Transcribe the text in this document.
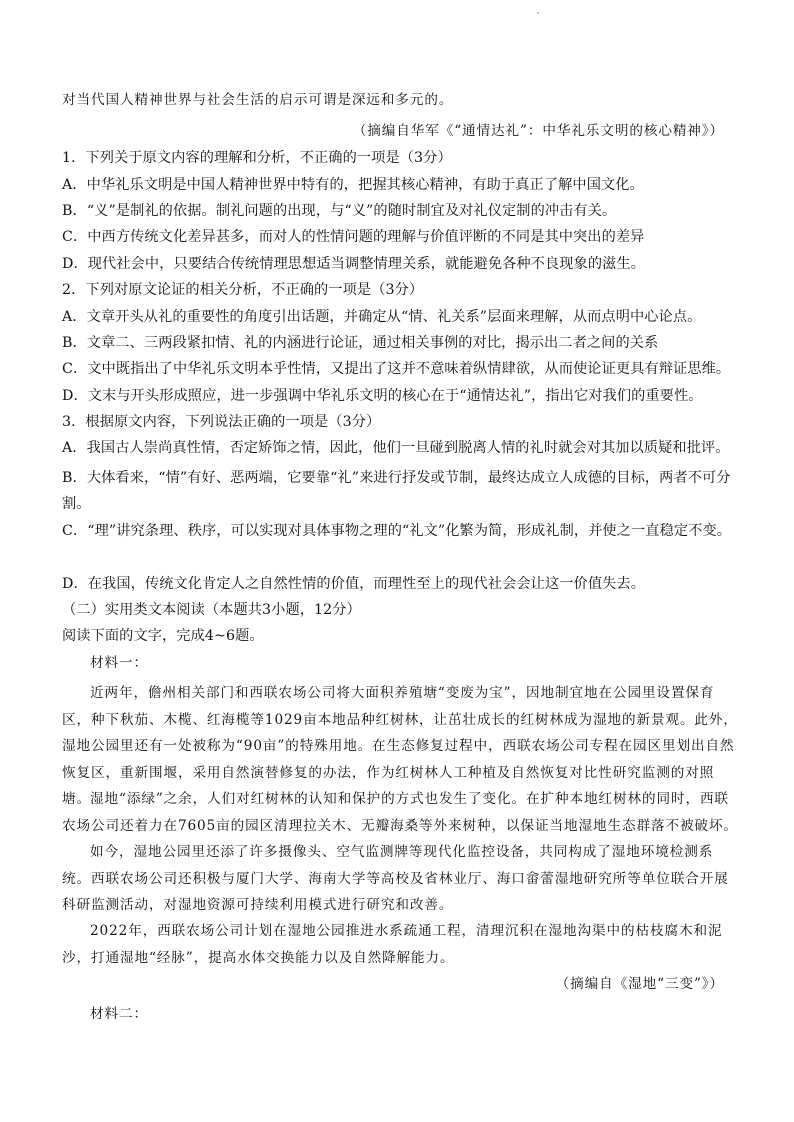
对当代国人精神世界与社会生活的启示可谓是深远和多元的。
（摘编自华军《“通情达礼”：中华礼乐文明的核心精神》）
1．下列关于原文内容的理解和分析，不正确的一项是（3分）
A．中华礼乐文明是中国人精神世界中特有的，把握其核心精神，有助于真正了解中国文化。
B．“义”是制礼的依据。制礼问题的出现，与“义”的随时制宜及对礼仪定制的冲击有关。
C．中西方传统文化差异甚多，而对人的性情问题的理解与价值评断的不同是其中突出的差异
D．现代社会中，只要结合传统情理思想适当调整情理关系，就能避免各种不良现象的滋生。
2．下列对原文论证的相关分析，不正确的一项是（3分）
A．文章开头从礼的重要性的角度引出话题，并确定从“情、礼关系”层面来理解，从而点明中心论点。
B．文章二、三两段紧扣情、礼的内涵进行论证，通过相关事例的对比，揭示出二者之间的关系
C．文中既指出了中华礼乐文明本乎性情，又提出了这并不意味着纵情肆欲，从而使论证更具有辩证思维。
D．文末与开头形成照应，进一步强调中华礼乐文明的核心在于“通情达礼”，指出它对我们的重要性。
3．根据原文内容，下列说法正确的一项是（3分）
A．我国古人崇尚真性情，否定矫饰之情，因此，他们一旦碰到脱离人情的礼时就会对其加以质疑和批评。
B．大体看来，“情”有好、恶两端，它要靠“礼”来进行抒发或节制，最终达成立人成德的目标，两者不可分割。
C．“理”讲究条理、秩序，可以实现对具体事物之理的“礼文”化繁为简，形成礼制，并使之一直稳定不变。
D．在我国，传统文化肯定人之自然性情的价值，而理性至上的现代社会会让这一价值失去。
（二）实用类文本阅读（本题共3小题，12分）
阅读下面的文字，完成4~6题。
材料一：
近两年，儋州相关部门和西联农场公司将大面积养殖塘“变废为宝”，因地制宜地在公园里设置保育区，种下秋茄、木榄、红海榄等1029亩本地品种红树林，让茁壮成长的红树林成为湿地的新景观。此外，湿地公园里还有一处被称为“90亩”的特殊用地。在生态修复过程中，西联农场公司专程在园区里划出自然恢复区，重新围堰，采用自然演替修复的办法，作为红树林人工种植及自然恢复对比性研究监测的对照塘。 湿地“添绿”之余，人们对红树林的认知和保护的方式也发生了变化。在扩种本地红树林的同时，西联农场公司还着力在7605亩的园区清理拉关木、无瓣海桑等外来树种，以保证当地湿地生态群落不被破坏。
如今，湿地公园里还添了许多摄像头、空气监测牌等现代化监控设备，共同构成了湿地环境检测系统。西联农场公司还积极与厦门大学、海南大学等高校及省林业厅、海口畲蕾湿地研究所等单位联合开展科研监测活动，对湿地资源可持续利用模式进行研究和改善。
2022年，西联农场公司计划在湿地公园推进水系疏通工程，清理沉积在湿地沟渠中的枯枝腐木和泥沙，打通湿地“经脉”，提高水体交换能力以及自然降解能力。
（摘编自《湿地“三变”》）
材料二：
